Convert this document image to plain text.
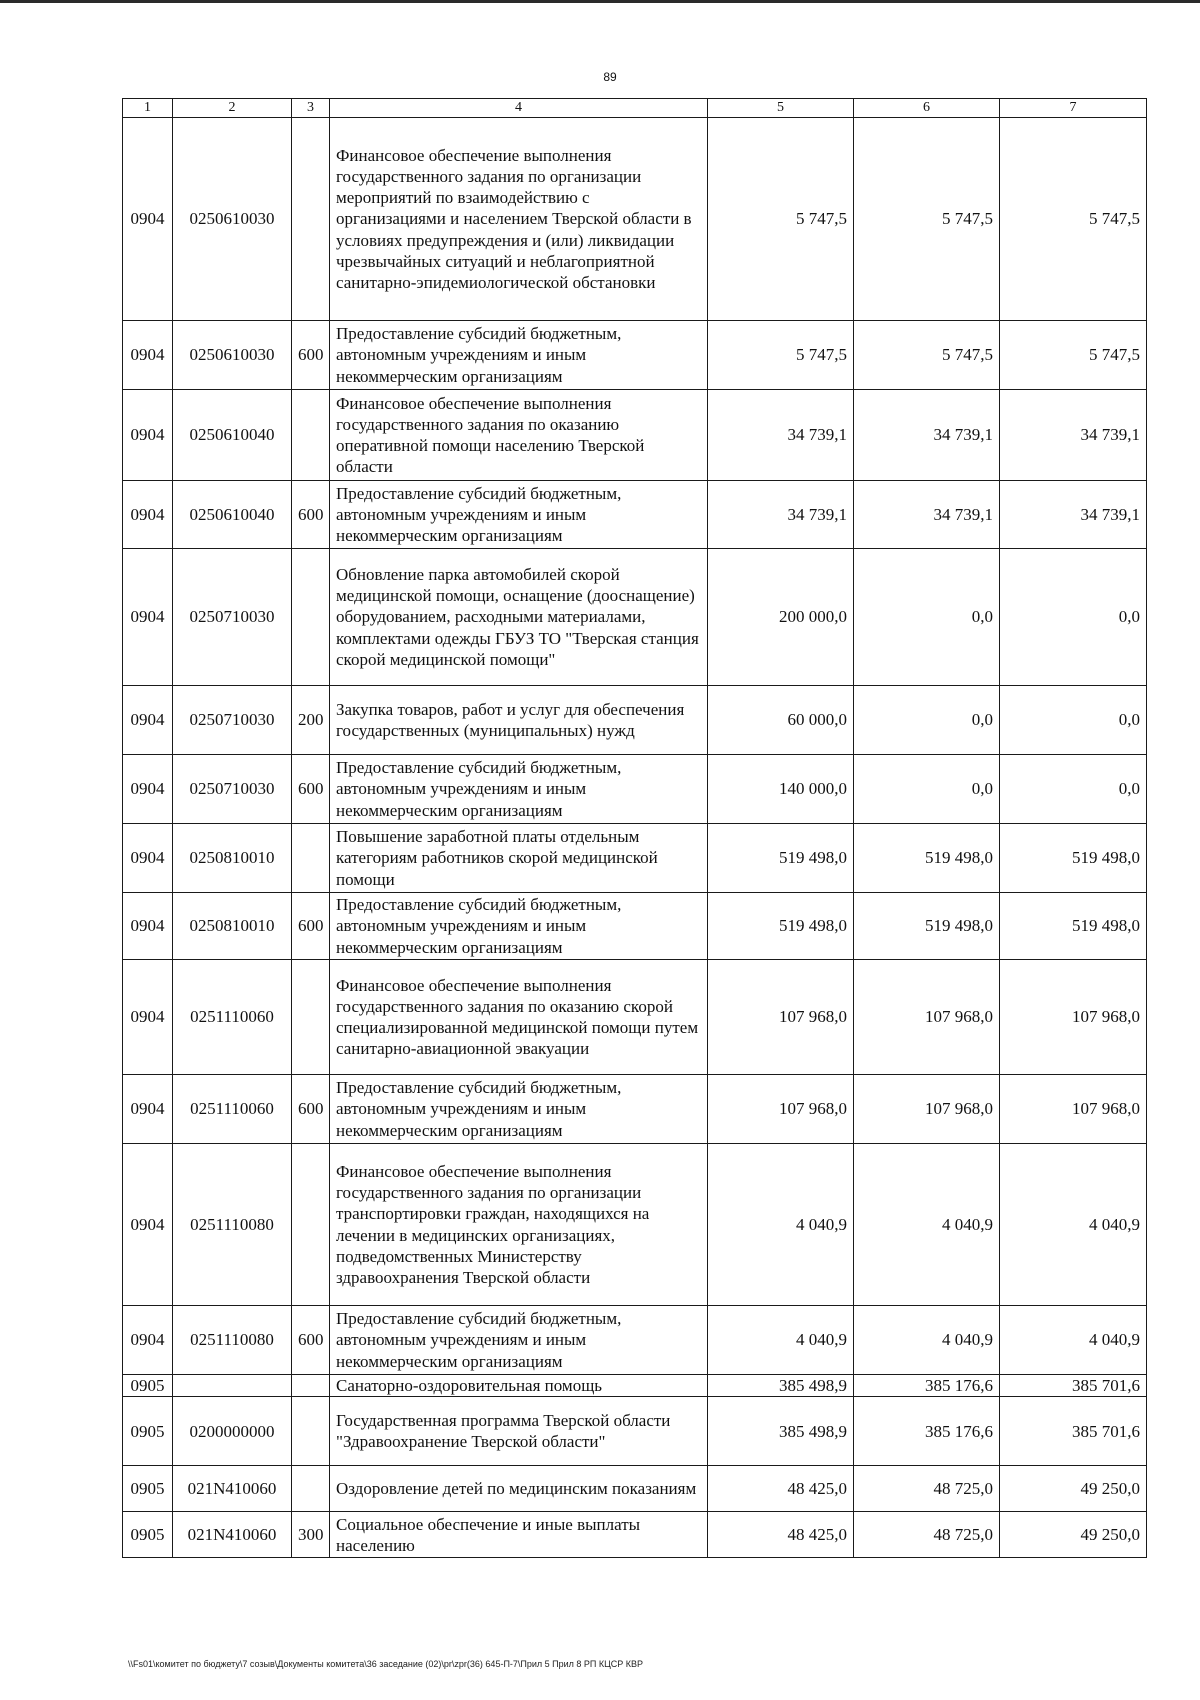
89
1	2	3	4	5	6	7
0904	0250610030		Финансовое обеспечение выполнения государственного задания по организации мероприятий по взаимодействию с организациями и населением Тверской области в условиях предупреждения и (или) ликвидации чрезвычайных ситуаций и неблагоприятной санитарно-эпидемиологической обстановки	5 747,5	5 747,5	5 747,5
0904	0250610030	600	Предоставление субсидий бюджетным, автономным учреждениям и иным некоммерческим организациям	5 747,5	5 747,5	5 747,5
0904	0250610040		Финансовое обеспечение выполнения государственного задания по оказанию оперативной помощи населению Тверской области	34 739,1	34 739,1	34 739,1
0904	0250610040	600	Предоставление субсидий бюджетным, автономным учреждениям и иным некоммерческим организациям	34 739,1	34 739,1	34 739,1
0904	0250710030		Обновление парка автомобилей скорой медицинской помощи, оснащение (дооснащение) оборудованием, расходными материалами, комплектами одежды ГБУЗ ТО "Тверская станция скорой медицинской помощи"	200 000,0	0,0	0,0
0904	0250710030	200	Закупка товаров, работ и услуг для обеспечения государственных (муниципальных) нужд	60 000,0	0,0	0,0
0904	0250710030	600	Предоставление субсидий бюджетным, автономным учреждениям и иным некоммерческим организациям	140 000,0	0,0	0,0
0904	0250810010		Повышение заработной платы отдельным категориям работников скорой медицинской помощи	519 498,0	519 498,0	519 498,0
0904	0250810010	600	Предоставление субсидий бюджетным, автономным учреждениям и иным некоммерческим организациям	519 498,0	519 498,0	519 498,0
0904	0251110060		Финансовое обеспечение выполнения государственного задания по оказанию скорой специализированной медицинской помощи путем санитарно-авиационной эвакуации	107 968,0	107 968,0	107 968,0
0904	0251110060	600	Предоставление субсидий бюджетным, автономным учреждениям и иным некоммерческим организациям	107 968,0	107 968,0	107 968,0
0904	0251110080		Финансовое обеспечение выполнения государственного задания по организации транспортировки граждан, находящихся на лечении в медицинских организациях, подведомственных Министерству здравоохранения Тверской области	4 040,9	4 040,9	4 040,9
0904	0251110080	600	Предоставление субсидий бюджетным, автономным учреждениям и иным некоммерческим организациям	4 040,9	4 040,9	4 040,9
0905			Санаторно-оздоровительная помощь	385 498,9	385 176,6	385 701,6
0905	0200000000		Государственная программа Тверской области "Здравоохранение Тверской области"	385 498,9	385 176,6	385 701,6
0905	021N410060		Оздоровление детей по медицинским показаниям	48 425,0	48 725,0	49 250,0
0905	021N410060	300	Социальное обеспечение и иные выплаты населению	48 425,0	48 725,0	49 250,0
\\Fs01\комитет по бюджету\7 созыв\Документы комитета\36 заседание (02)\pr\zpr(36) 645-П-7\Прил 5 Прил 8 РП КЦСР КВР
